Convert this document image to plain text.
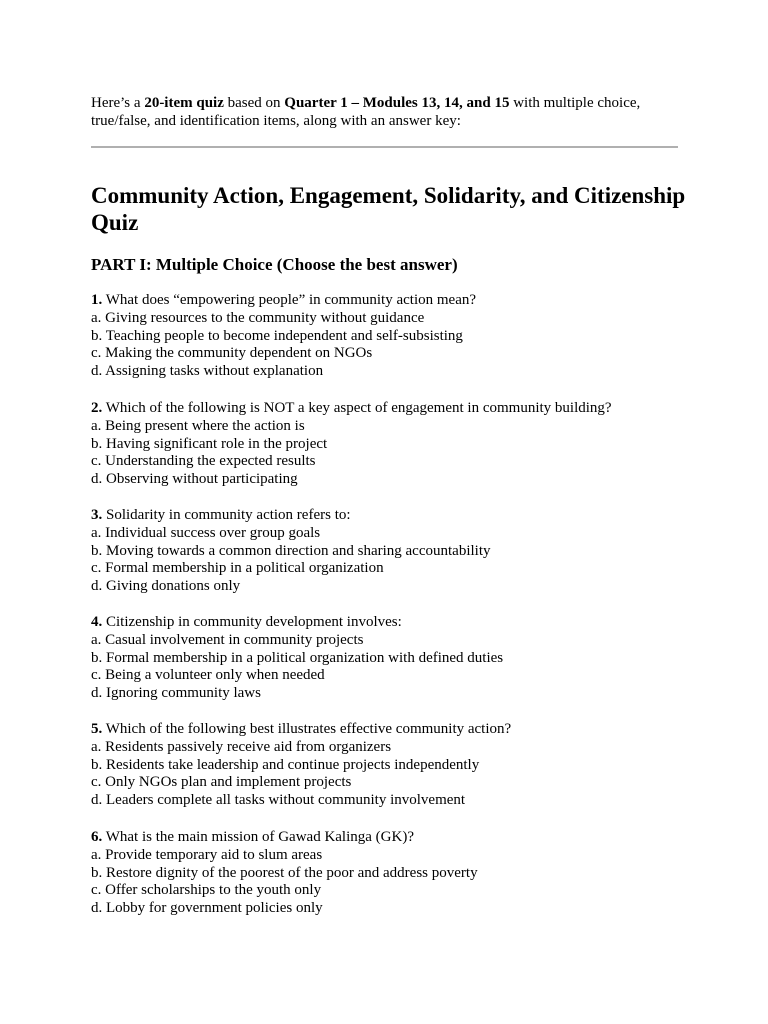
Here’s a 20-item quiz based on Quarter 1 – Modules 13, 14, and 15 with multiple choice, true/false, and identification items, along with an answer key:

Community Action, Engagement, Solidarity, and Citizenship Quiz
PART I: Multiple Choice (Choose the best answer)
1. What does “empowering people” in community action mean?
a. Giving resources to the community without guidance
b. Teaching people to become independent and self-subsisting
c. Making the community dependent on NGOs
d. Assigning tasks without explanation
2. Which of the following is NOT a key aspect of engagement in community building?
a. Being present where the action is
b. Having significant role in the project
c. Understanding the expected results
d. Observing without participating
3. Solidarity in community action refers to:
a. Individual success over group goals
b. Moving towards a common direction and sharing accountability
c. Formal membership in a political organization
d. Giving donations only
4. Citizenship in community development involves:
a. Casual involvement in community projects
b. Formal membership in a political organization with defined duties
c. Being a volunteer only when needed
d. Ignoring community laws
5. Which of the following best illustrates effective community action?
a. Residents passively receive aid from organizers
b. Residents take leadership and continue projects independently
c. Only NGOs plan and implement projects
d. Leaders complete all tasks without community involvement
6. What is the main mission of Gawad Kalinga (GK)?
a. Provide temporary aid to slum areas
b. Restore dignity of the poorest of the poor and address poverty
c. Offer scholarships to the youth only
d. Lobby for government policies only
